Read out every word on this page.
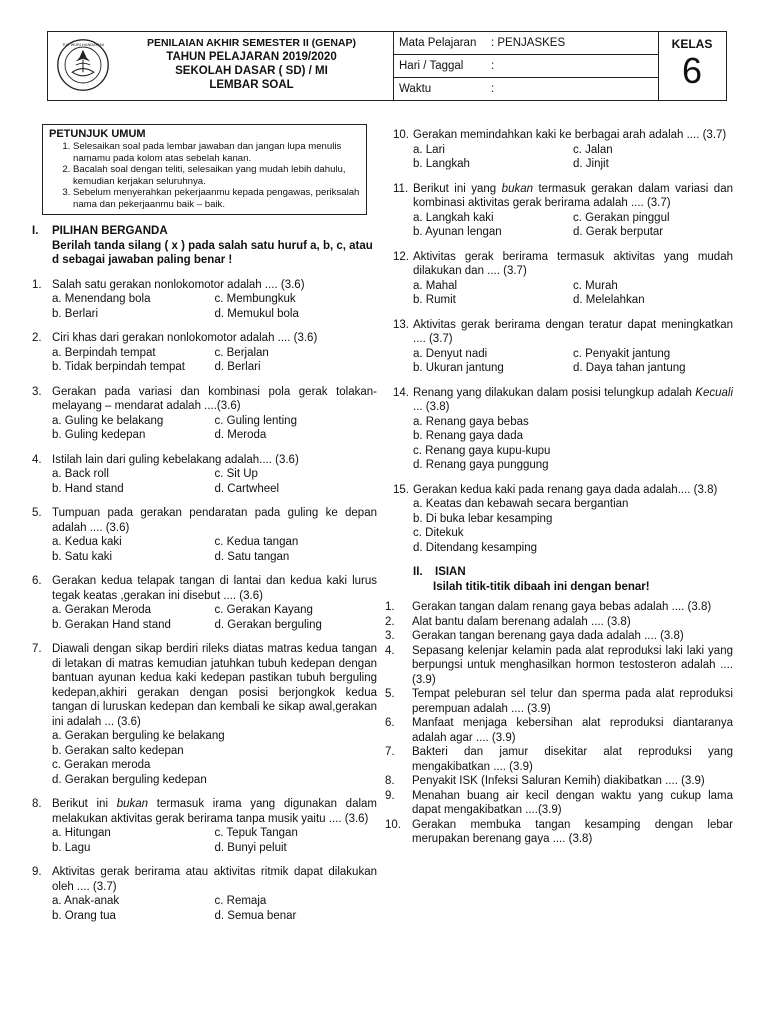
TUT WURI HANDAYANI	PENILAIAN AKHIR SEMESTER II (GENAP)
TAHUN PELAJARAN 2019/2020
SEKOLAH DASAR ( SD) / MI
LEMBAR SOAL
Mata Pelajaran : PENJASKES
Hari / Taggal :
Waktu	:
KELAS
6
PETUNJUK UMUM
1. Selesaikan soal pada lembar jawaban dan jangan lupa menulis namamu pada kolom atas sebelah kanan.
2. Bacalah soal dengan teliti, selesaikan yang mudah lebih dahulu, kemudian kerjakan seluruhnya.
3. Sebelum menyerahkan pekerjaanmu kepada pengawas, periksalah nama dan pekerjaanmu baik – baik.
I.	PILIHAN BERGANDA
Berilah tanda silang ( x ) pada salah satu huruf a, b, c, atau d sebagai jawaban paling benar !
1. Salah satu gerakan nonlokomotor adalah .... (3.6)
a. Menendang bola	c. Membungkuk
b. Berlari	d. Memukul bola
2. Ciri khas dari gerakan nonlokomotor adalah .... (3.6)
a. Berpindah tempat	c. Berjalan
b. Tidak berpindah tempat	d. Berlari
3. Gerakan pada variasi dan kombinasi pola gerak tolakan-melayang – mendarat adalah ....(3.6)
a. Guling ke belakang	c. Guling lenting
b. Guling kedepan	d. Meroda
4. Istilah lain dari guling kebelakang adalah.... (3.6)
a. Back roll	c. Sit Up
b. Hand stand	d. Cartwheel
5. Tumpuan pada gerakan pendaratan pada guling ke depan adalah .... (3.6)
a. Kedua kaki	c. Kedua tangan
b. Satu kaki	d. Satu tangan
6. Gerakan kedua telapak tangan di lantai dan kedua kaki lurus tegak keatas ,gerakan ini disebut .... (3.6)
a. Gerakan Meroda	c. Gerakan Kayang
b. Gerakan Hand stand	d. Gerakan berguling
7. Diawali dengan sikap berdiri rileks diatas matras kedua tangan di letakan di matras kemudian jatuhkan tubuh kedepan dengan bantuan ayunan kedua kaki kedepan pastikan tubuh berguling kedepan,akhiri gerakan dengan posisi berjongkok kedua tangan di luruskan kedepan dan kembali ke sikap awal,gerakan ini adalah ... (3.6)
a. Gerakan berguling ke belakang
b. Gerakan salto kedepan
c. Gerakan meroda
d. Gerakan berguling kedepan
8. Berikut ini bukan termasuk irama yang digunakan dalam melakukan aktivitas gerak berirama tanpa musik yaitu .... (3.6)
a. Hitungan	c. Tepuk Tangan
b. Lagu	d. Bunyi peluit
9. Aktivitas gerak berirama atau aktivitas ritmik dapat dilakukan oleh .... (3.7)
a. Anak-anak	c. Remaja
b. Orang tua	d. Semua benar
10. Gerakan memindahkan kaki ke berbagai arah adalah .... (3.7)
a. Lari	c. Jalan
b. Langkah	d. Jinjit
11. Berikut ini yang bukan termasuk gerakan dalam variasi dan kombinasi aktivitas gerak berirama adalah .... (3.7)
a. Langkah kaki	c. Gerakan pinggul
b. Ayunan lengan	d. Gerak berputar
12. Aktivitas gerak berirama termasuk aktivitas yang mudah dilakukan dan .... (3.7)
a. Mahal	c. Murah
b. Rumit	d. Melelahkan
13. Aktivitas gerak berirama dengan teratur dapat meningkatkan .... (3.7)
a. Denyut nadi	c. Penyakit jantung
b. Ukuran jantung	d. Daya tahan jantung
14. Renang yang dilakukan dalam posisi telungkup adalah Kecuali ... (3.8)
a. Renang gaya bebas
b. Renang gaya dada
c. Renang gaya kupu-kupu
d. Renang gaya punggung
15. Gerakan kedua kaki pada renang gaya dada adalah.... (3.8)
a. Keatas dan kebawah secara bergantian
b. Di buka lebar kesamping
c. Ditekuk
d. Ditendang kesamping
II.	ISIAN
Isilah titik-titik dibaah ini dengan benar!
1.	Gerakan tangan dalam renang gaya bebas adalah .... (3.8)
2.	Alat bantu dalam berenang adalah .... (3.8)
3.	Gerakan tangan berenang gaya dada adalah .... (3.8)
4.	Sepasang kelenjar kelamin pada alat reproduksi laki laki yang berpungsi untuk menghasilkan hormon testosteron adalah .... (3.9)
5.	Tempat peleburan sel telur dan sperma pada alat reproduksi perempuan adalah .... (3.9)
6.	Manfaat menjaga kebersihan alat reproduksi diantaranya adalah agar .... (3.9)
7.	Bakteri dan jamur disekitar alat reproduksi yang mengakibatkan .... (3.9)
8.	Penyakit ISK (Infeksi Saluran Kemih) diakibatkan .... (3.9)
9.	Menahan buang air kecil dengan waktu yang cukup lama dapat mengakibatkan ....(3.9)
10. Gerakan membuka tangan kesamping dengan lebar merupakan berenang gaya .... (3.8)
